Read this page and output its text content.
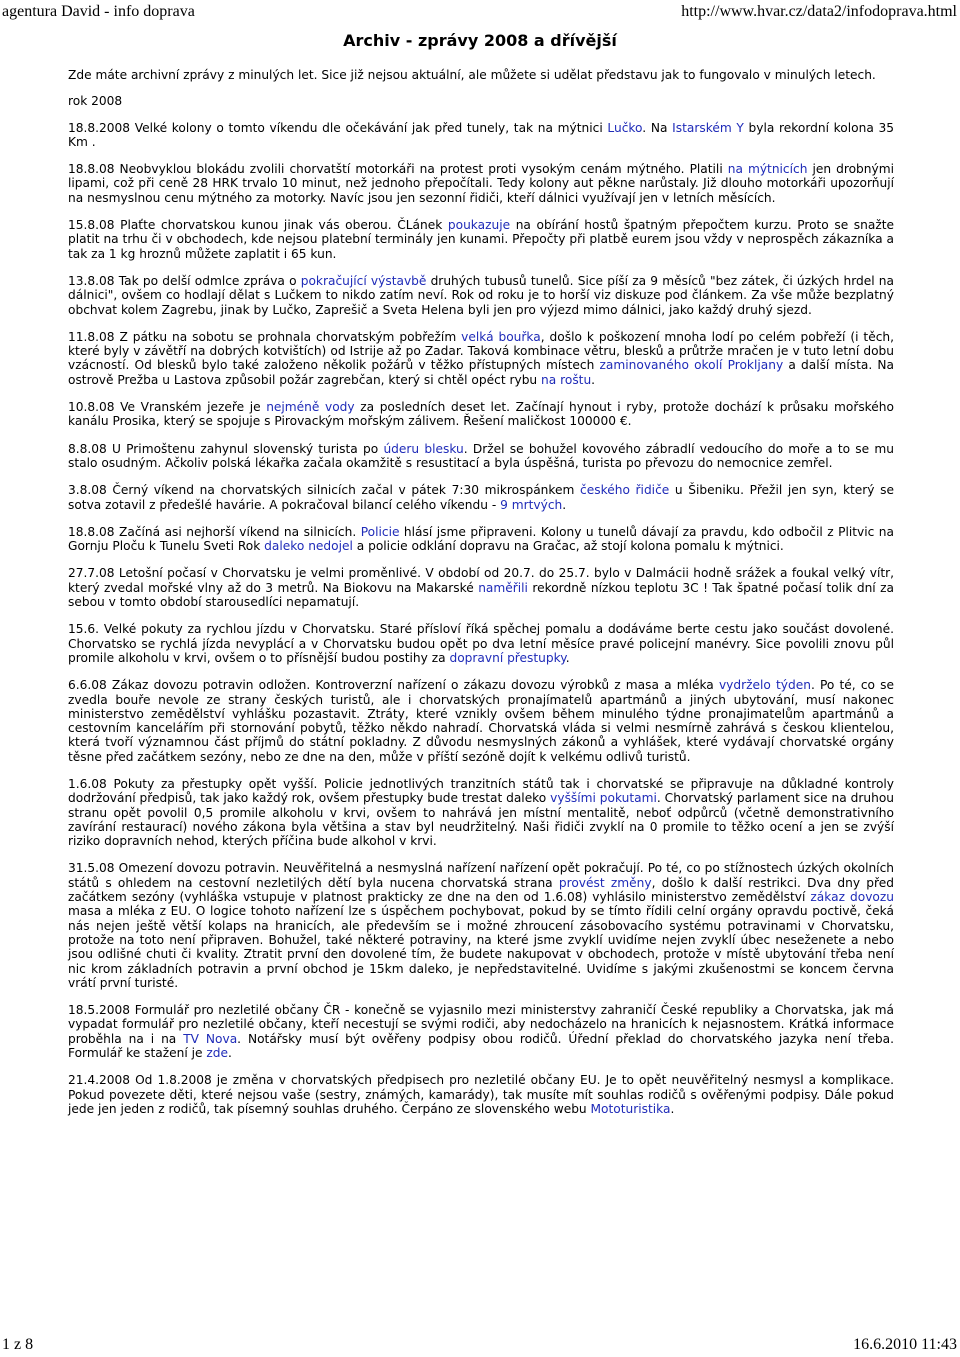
agentura David - info doprava	http://www.hvar.cz/data2/infodoprava.html
Archiv - zprávy 2008 a dřívější

Zde máte archivní zprávy z minulých let. Sice již nejsou aktuální, ale můžete si udělat představu jak to fungovalo v minulých letech.

rok 2008

18.8.2008 Velké kolony o tomto víkendu dle očekávání jak před tunely, tak na mýtnici Lučko. Na Istarském Y byla rekordní kolona 35 Km .

18.8.08 Neobvyklou blokádu zvolili chorvatští motorkáři na protest proti vysokým cenám mýtného. Platili na mýtnicích jen drobnými lipami, což při ceně 28 HRK trvalo 10 minut, než jednoho přepočítali. Tedy kolony aut pěkne narůstaly. Již dlouho motorkáři upozorňují na nesmyslnou cenu mýtného za motorky. Navíc jsou jen sezonní řidiči, kteří dálnici využívají jen v letních měsících.

15.8.08 Plaťte chorvatskou kunou jinak vás oberou. ČLánek poukazuje na obírání hostů špatným přepočtem kurzu. Proto se snažte platit na trhu či v obchodech, kde nejsou platební terminály jen kunami. Přepočty při platbě eurem jsou vždy v neprospěch zákazníka a tak za 1 kg hroznů můžete zaplatit i 65 kun.

13.8.08 Tak po delší odmlce zpráva o pokračující výstavbě druhých tubusů tunelů. Sice píší za 9 měsíců "bez zátek, či úzkých hrdel na dálnici", ovšem co hodlají dělat s Lučkem to nikdo zatím neví. Rok od roku je to horší viz diskuze pod článkem. Za vše může bezplatný obchvat kolem Zagrebu, jinak by Lučko, Zaprešič a Sveta Helena byli jen pro výjezd mimo dálnici, jako každý druhý sjezd.

11.8.08 Z pátku na sobotu se prohnala chorvatským pobřežím velká bouřka, došlo k poškození mnoha lodí po celém pobřeží (i těch, které byly v závětří na dobrých kotvištích) od Istrije až po Zadar. Taková kombinace větru, blesků a průtrže mračen je v tuto letní dobu vzácností. Od blesků bylo také založeno několik požárů v těžko přístupných místech zaminovaného okolí Prokljany a další místa. Na ostrově Prežba u Lastova způsobil požár zagrebčan, který si chtěl opéct rybu na roštu.

10.8.08 Ve Vranském jezeře je nejméně vody za posledních deset let. Začínají hynout i ryby, protože dochází k průsaku mořského kanálu Prosika, který se spojuje s Pirovackým mořským zálivem. Řešení maličkost 100000 €.

8.8.08 U Primoštenu zahynul slovenský turista po úderu blesku. Držel se bohužel kovového zábradlí vedoucího do moře a to se mu stalo osudným. Ačkoliv polská lékařka začala okamžitě s resustitací a byla úspěšná, turista po převozu do nemocnice zemřel.

3.8.08 Černý víkend na chorvatských silnicích začal v pátek 7:30 mikrospánkem českého řidiče u Šibeniku. Přežil jen syn, který se sotva zotavil z předešlé havárie. A pokračoval bilancí celého víkendu - 9 mrtvých.

18.8.08 Začíná asi nejhorší víkend na silnicích. Policie hlásí jsme připraveni. Kolony u tunelů dávají za pravdu, kdo odbočil z Plitvic na Gornju Ploču k Tunelu Sveti Rok daleko nedojel a policie odklání dopravu na Gračac, až stojí kolona pomalu k mýtnici.

27.7.08 Letošní počasí v Chorvatsku je velmi proměnlivé. V období od 20.7. do 25.7. bylo v Dalmácii hodně srážek a foukal velký vítr, který zvedal mořské vlny až do 3 metrů. Na Biokovu na Makarské naměřili rekordně nízkou teplotu 3C ! Tak špatné počasí tolik dní za sebou v tomto období starousedlíci nepamatují.

15.6. Velké pokuty za rychlou jízdu v Chorvatsku. Staré přísloví říká spěchej pomalu a dodáváme berte cestu jako součást dovolené. Chorvatsko se rychlá jízda nevyplácí a v Chorvatsku budou opět po dva letní měsíce pravé policejní manévry. Sice povolili znovu půl promile alkoholu v krvi, ovšem o to přísnější budou postihy za dopravní přestupky.

6.6.08 Zákaz dovozu potravin odložen. Kontroverzní nařízení o zákazu dovozu výrobků z masa a mléka vydrželo týden. Po té, co se zvedla bouře nevole ze strany českých turistů, ale i chorvatských pronajímatelů apartmánů a jiných ubytování, musí nakonec ministerstvo zemědělství vyhlášku pozastavit. Ztráty, které vznikly ovšem během minulého týdne pronajimatelům apartmánů a cestovním kancelářím při stornování pobytů, těžko někdo nahradí. Chorvatská vláda si velmi nesmírně zahrává s českou klientelou, která tvoří významnou část příjmů do státní pokladny. Z důvodu nesmyslných zákonů a vyhlášek, které vydávají chorvatské orgány těsne před začátkem sezóny, nebo ze dne na den, může v příští sezóně dojít k velkému odlivů turistů.

1.6.08 Pokuty za přestupky opět vyšší. Policie jednotlivých tranzitních států tak i chorvatské se připravuje na důkladné kontroly dodržování předpisů, tak jako každý rok, ovšem přestupky bude trestat daleko vyššími pokutami. Chorvatský parlament sice na druhou stranu opět povolil 0,5 promile alkoholu v krvi, ovšem to nahrává jen místní mentalitě, neboť odpůrců (včetně demonstrativního zavírání restaurací) nového zákona byla většina a stav byl neudržitelný. Naši řidiči zvyklí na 0 promile to těžko ocení a jen se zvýší riziko dopravních nehod, kterých příčina bude alkohol v krvi.

31.5.08 Omezení dovozu potravin. Neuvěřitelná a nesmyslná nařízení nařízení opět pokračují. Po té, co po stížnostech úzkých okolních států s ohledem na cestovní nezletilých dětí byla nucena chorvatská strana provést změny, došlo k další restrikci. Dva dny před začátkem sezóny (vyhláška vstupuje v platnost prakticky ze dne na den od 1.6.08) vyhlásilo ministerstvo zemědělství zákaz dovozu masa a mléka z EU. O logice tohoto nařízení lze s úspěchem pochybovat, pokud by se tímto řídili celní orgány opravdu poctivě, čeká nás nejen ještě větší kolaps na hranicích, ale především se i možné zhroucení zásobovacího systému potravinami v Chorvatsku, protože na toto není připraven. Bohužel, také některé potraviny, na které jsme zvyklí uvidíme nejen zvyklí úbec neseženete a nebo jsou odlišné chuti či kvality. Ztratit první den dovolené tím, že budete nakupovat v obchodech, protože v místě ubytování třeba není nic krom základních potravin a první obchod je 15km daleko, je nepředstavitelné. Uvidíme s jakými zkušenostmi se koncem června vrátí první turisté.

18.5.2008 Formulář pro nezletilé občany ČR - konečně se vyjasnilo mezi ministerstvy zahraničí České republiky a Chorvatska, jak má vypadat formulář pro nezletilé občany, kteří necestují se svými rodiči, aby nedocházelo na hranicích k nejasnostem. Krátká informace proběhla na i na TV Nova. Notářsky musí být ověřeny podpisy obou rodičů. Úřední překlad do chorvatského jazyka není třeba. Formulář ke stažení je zde.

21.4.2008 Od 1.8.2008 je změna v chorvatských předpisech pro nezletilé občany EU. Je to opět neuvěřitelný nesmysl a komplikace. Pokud povezete děti, které nejsou vaše (sestry, známých, kamarády), tak musíte mít souhlas rodičů s ověřenými podpisy. Dále pokud jede jen jeden z rodičů, tak písemný souhlas druhého. Čerpáno ze slovenského webu Mototuristika.

1 z 8	16.6.2010 11:43
